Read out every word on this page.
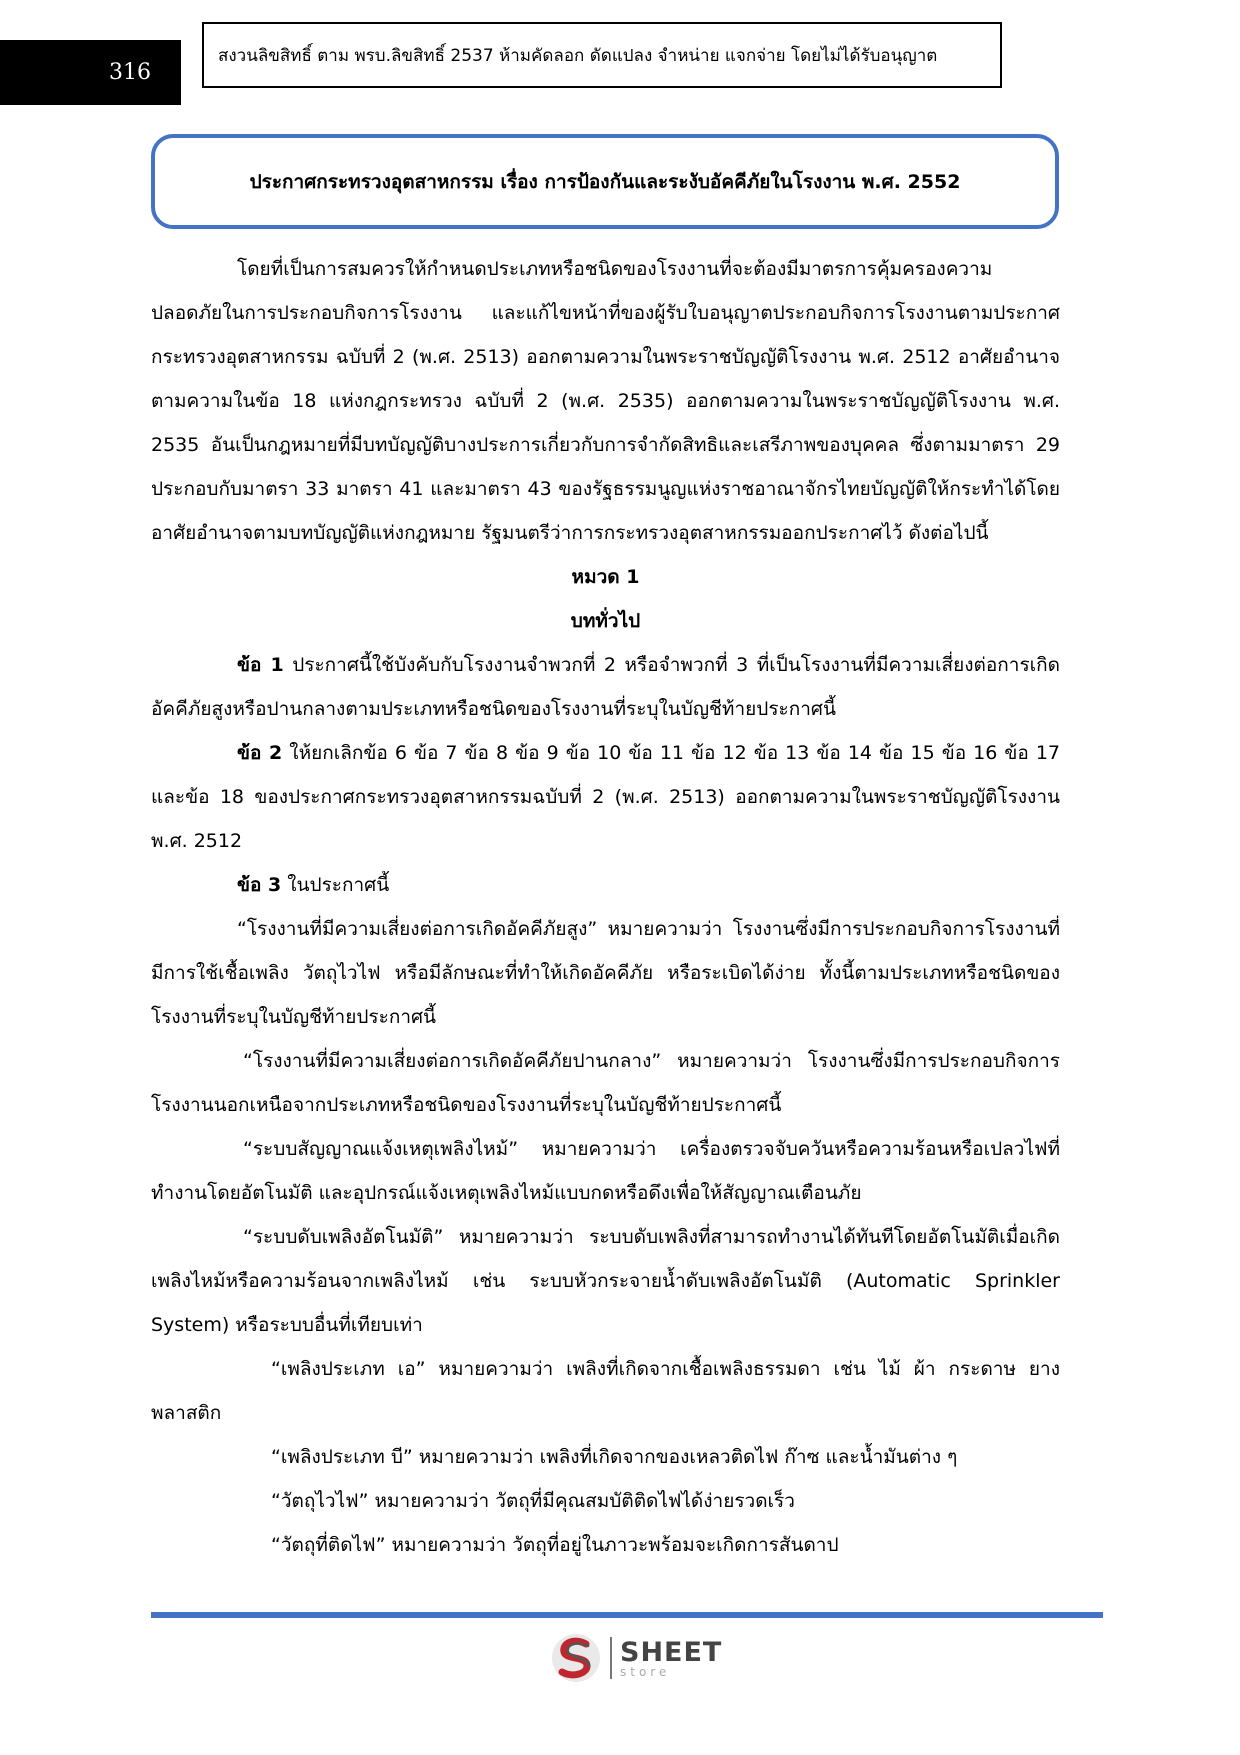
316
สงวนลิขสิทธิ์ ตาม พรบ.ลิขสิทธิ์ 2537 ห้ามคัดลอก ดัดแปลง จำหน่าย แจกจ่าย โดยไม่ได้รับอนุญาต
ประกาศกระทรวงอุตสาหกรรม เรื่อง การป้องกันและระงับอัคคีภัยในโรงงาน พ.ศ. 2552

โดยที่เป็นการสมควรให้กำหนดประเภทหรือชนิดของโรงงานที่จะต้องมีมาตรการคุ้มครองความปลอดภัยในการประกอบกิจการโรงงาน และแก้ไขหน้าที่ของผู้รับใบอนุญาตประกอบกิจการโรงงานตามประกาศกระทรวงอุตสาหกรรม ฉบับที่ 2 (พ.ศ. 2513) ออกตามความในพระราชบัญญัติโรงงาน พ.ศ. 2512 อาศัยอำนาจตามความในข้อ 18 แห่งกฎกระทรวง ฉบับที่ 2 (พ.ศ. 2535) ออกตามความในพระราชบัญญัติโรงงาน พ.ศ. 2535 อันเป็นกฎหมายที่มีบทบัญญัติบางประการเกี่ยวกับการจำกัดสิทธิและเสรีภาพของบุคคล ซึ่งตามมาตรา 29 ประกอบกับมาตรา 33 มาตรา 41 และมาตรา 43 ของรัฐธรรมนูญแห่งราชอาณาจักรไทยบัญญัติให้กระทำได้โดยอาศัยอำนาจตามบทบัญญัติแห่งกฎหมาย รัฐมนตรีว่าการกระทรวงอุตสาหกรรมออกประกาศไว้ ดังต่อไปนี้

หมวด 1

บททั่วไป

ข้อ 1 ประกาศนี้ใช้บังคับกับโรงงานจำพวกที่ 2 หรือจำพวกที่ 3 ที่เป็นโรงงานที่มีความเสี่ยงต่อการเกิดอัคคีภัยสูงหรือปานกลางตามประเภทหรือชนิดของโรงงานที่ระบุในบัญชีท้ายประกาศนี้

ข้อ 2 ให้ยกเลิกข้อ 6 ข้อ 7 ข้อ 8 ข้อ 9 ข้อ 10 ข้อ 11 ข้อ 12 ข้อ 13 ข้อ 14 ข้อ 15 ข้อ 16 ข้อ 17 และข้อ 18 ของประกาศกระทรวงอุตสาหกรรมฉบับที่ 2 (พ.ศ. 2513) ออกตามความในพระราชบัญญัติโรงงาน พ.ศ. 2512

ข้อ 3 ในประกาศนี้

“โรงงานที่มีความเสี่ยงต่อการเกิดอัคคีภัยสูง” หมายความว่า โรงงานซึ่งมีการประกอบกิจการโรงงานที่มีการใช้เชื้อเพลิง วัตถุไวไฟ หรือมีลักษณะที่ทำให้เกิดอัคคีภัย หรือระเบิดได้ง่าย ทั้งนี้ตามประเภทหรือชนิดของโรงงานที่ระบุในบัญชีท้ายประกาศนี้

“โรงงานที่มีความเสี่ยงต่อการเกิดอัคคีภัยปานกลาง” หมายความว่า โรงงานซึ่งมีการประกอบกิจการโรงงานนอกเหนือจากประเภทหรือชนิดของโรงงานที่ระบุในบัญชีท้ายประกาศนี้

“ระบบสัญญาณแจ้งเหตุเพลิงไหม้” หมายความว่า เครื่องตรวจจับควันหรือความร้อนหรือเปลวไฟที่ทำงานโดยอัตโนมัติ และอุปกรณ์แจ้งเหตุเพลิงไหม้แบบกดหรือดึงเพื่อให้สัญญาณเตือนภัย

“ระบบดับเพลิงอัตโนมัติ” หมายความว่า ระบบดับเพลิงที่สามารถทำงานได้ทันทีโดยอัตโนมัติเมื่อเกิดเพลิงไหม้หรือความร้อนจากเพลิงไหม้ เช่น ระบบหัวกระจายน้ำดับเพลิงอัตโนมัติ (Automatic Sprinkler System) หรือระบบอื่นที่เทียบเท่า

“เพลิงประเภท เอ” หมายความว่า เพลิงที่เกิดจากเชื้อเพลิงธรรมดา เช่น ไม้ ผ้า กระดาษ ยาง พลาสติก

“เพลิงประเภท บี” หมายความว่า เพลิงที่เกิดจากของเหลวติดไฟ ก๊าซ และน้ำมันต่าง ๆ

“วัตถุไวไฟ” หมายความว่า วัตถุที่มีคุณสมบัติติดไฟได้ง่ายรวดเร็ว

“วัตถุที่ติดไฟ” หมายความว่า วัตถุที่อยู่ในภาวะพร้อมจะเกิดการสันดาป

SHEET
store
